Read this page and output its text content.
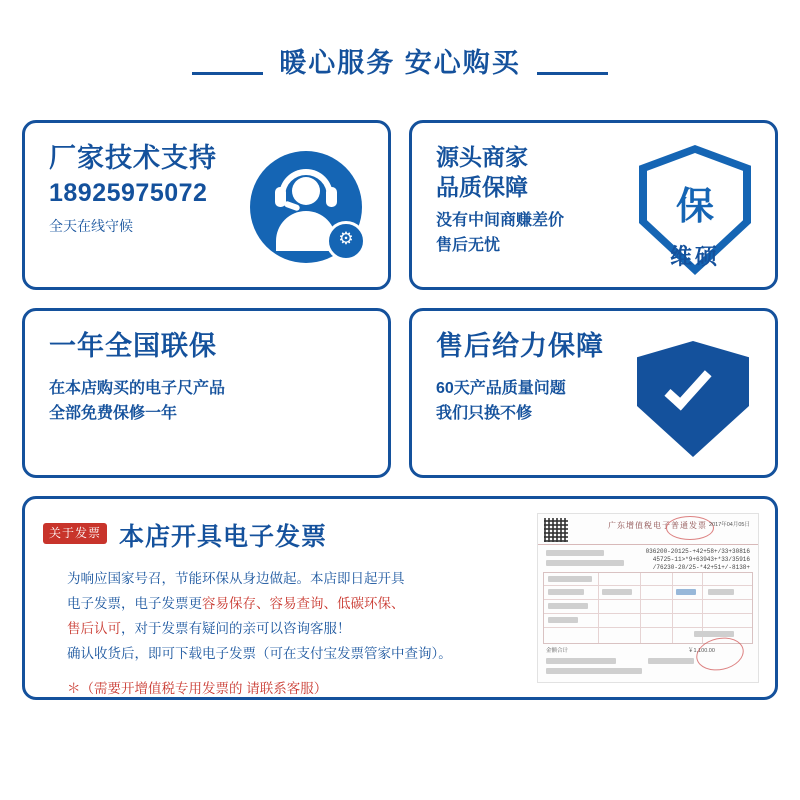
暖心服务 安心购买
厂家技术支持
18925975072
全天在线守候
⚙
源头商家
品质保障
没有中间商赚差价
售后无忧
保
维硕
一年全国联保
在本店购买的电子尺产品
全部免费保修一年
售后给力保障
60天产品质量问题
我们只换不修
关于发票 本店开具电子发票
为响应国家号召，节能环保从身边做起。本店即日起开具
电子发票，电子发票更容易保存、容易查询、低碳环保、
售后认可，对于发票有疑问的亲可以咨询客服！
确认收货后，即可下载电子发票（可在支付宝发票管家中查询）。
＊（需要开增值税专用发票的 请联系客服）
广东增值税电子普通发票 2017年04月05日
036200-20125-+42+58+/33+30816
45725-11>*9+63943+*33/35916
/76230-20/25-*42+51+/-8138+
金额合计	￥1,100.00
